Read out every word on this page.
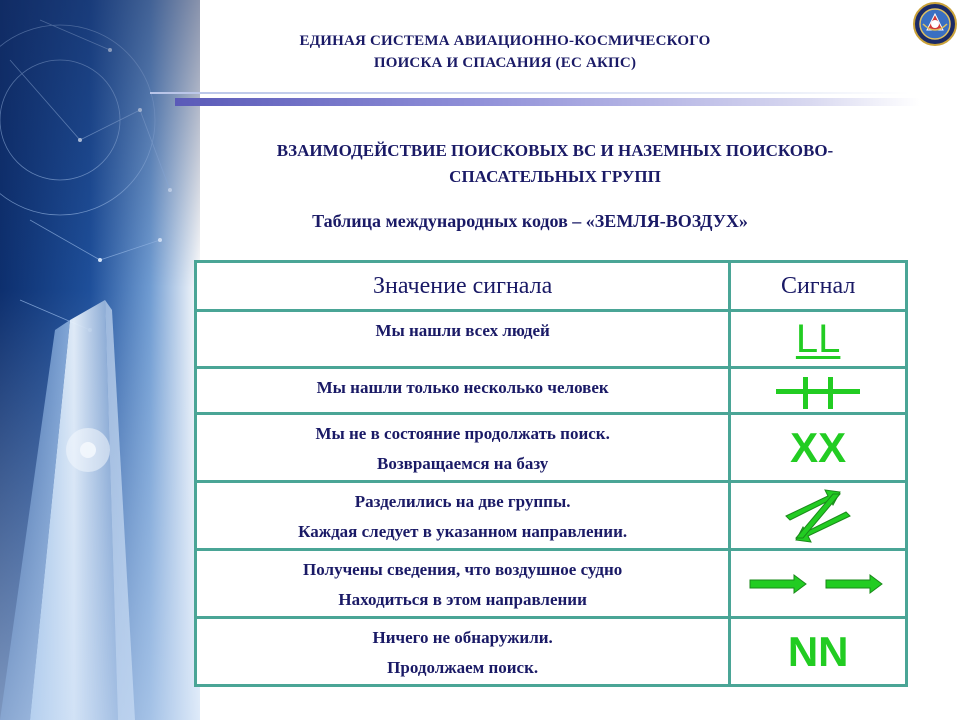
ЕДИНАЯ СИСТЕМА АВИАЦИОННО-КОСМИЧЕСКОГО
ПОИСКА И СПАСАНИЯ (ЕС АКПС)
ВЗАИМОДЕЙСТВИЕ ПОИСКОВЫХ ВС И НАЗЕМНЫХ ПОИСКОВО-
СПАСАТЕЛЬНЫХ ГРУПП
Таблица международных кодов – «ЗЕМЛЯ-ВОЗДУХ»
Значение сигнала	Сигнал

Мы нашли всех людей	LL

Мы нашли только несколько человек

Мы не в состояние продолжать поиск.
Возвращаемся на базу	XX

Разделились на две группы.
Каждая следует в указанном направлении.

Получены сведения, что воздушное судно
Находиться в этом направлении

Ничего не обнаружили.
Продолжаем поиск.	NN
